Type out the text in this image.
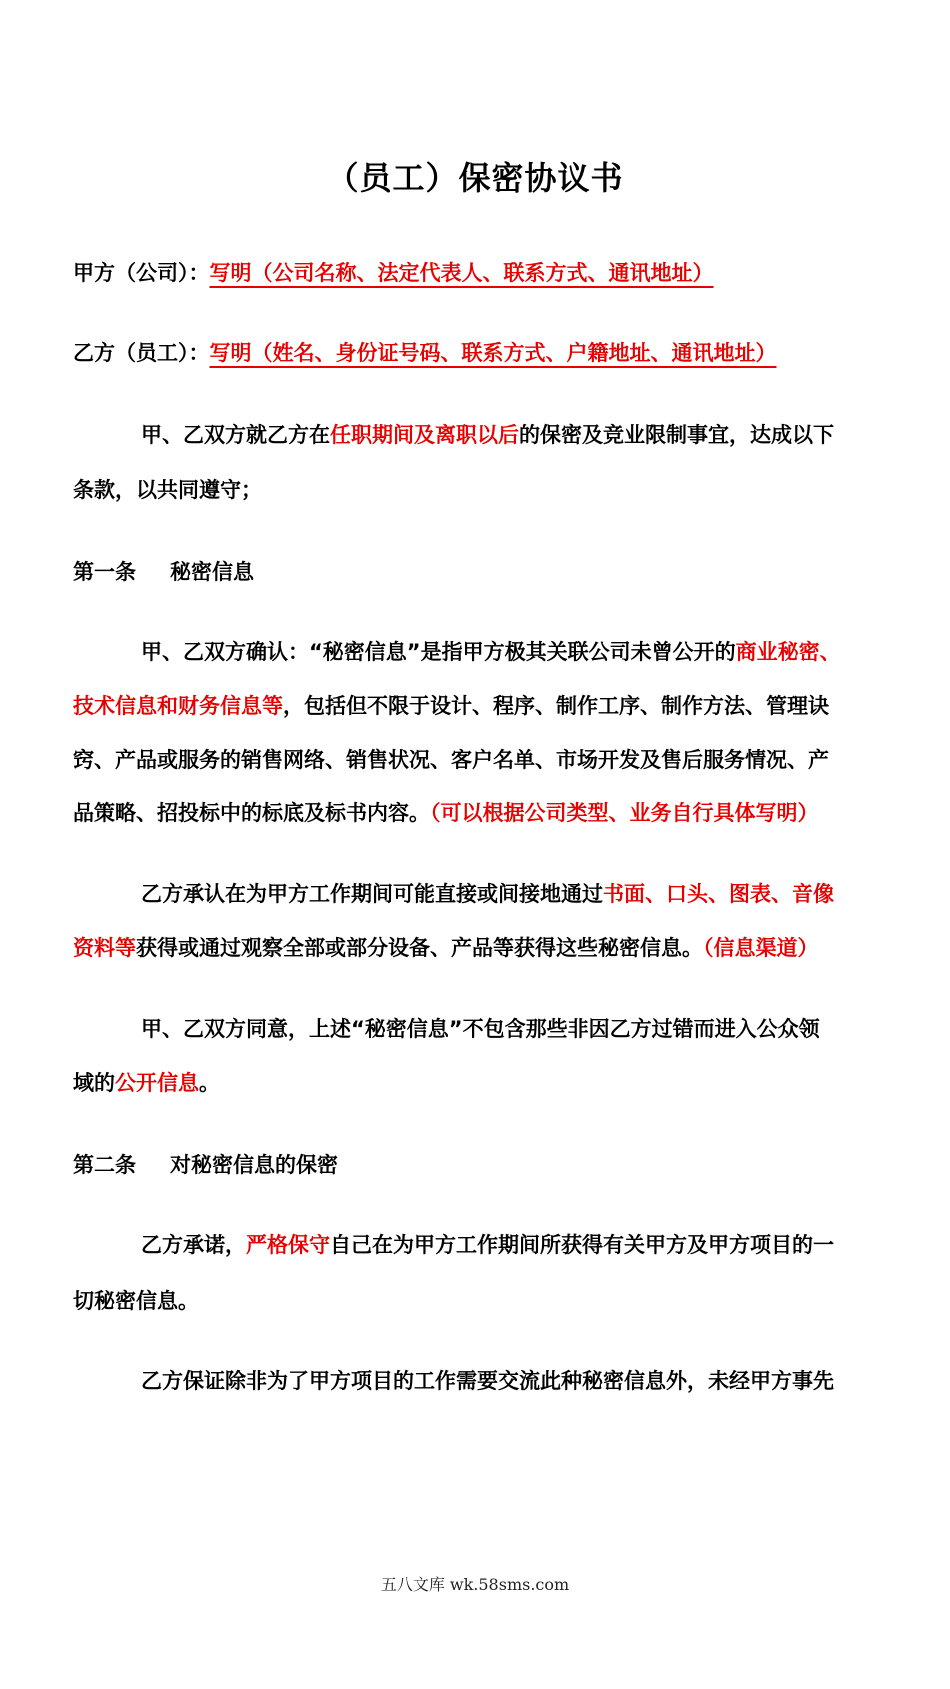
（员工）保密协议书
甲方（公司）：写明（公司名称、法定代表人、联系方式、通讯地址）
乙方（员工）：写明（姓名、身份证号码、联系方式、户籍地址、通讯地址）
甲、乙双方就乙方在任职期间及离职以后的保密及竞业限制事宜，达成以下
条款，以共同遵守；
第一条 秘密信息
甲、乙双方确认：“秘密信息”是指甲方极其关联公司未曾公开的商业秘密、
技术信息和财务信息等，包括但不限于设计、程序、制作工序、制作方法、管理诀
窍、产品或服务的销售网络、销售状况、客户名单、市场开发及售后服务情况、产
品策略、招投标中的标底及标书内容。（可以根据公司类型、业务自行具体写明）
乙方承认在为甲方工作期间可能直接或间接地通过书面、口头、图表、音像
资料等获得或通过观察全部或部分设备、产品等获得这些秘密信息。（信息渠道）
甲、乙双方同意，上述“秘密信息”不包含那些非因乙方过错而进入公众领
域的公开信息。
第二条 对秘密信息的保密
乙方承诺，严格保守自己在为甲方工作期间所获得有关甲方及甲方项目的一
切秘密信息。
乙方保证除非为了甲方项目的工作需要交流此种秘密信息外，未经甲方事先
五八文库 wk.58sms.com
